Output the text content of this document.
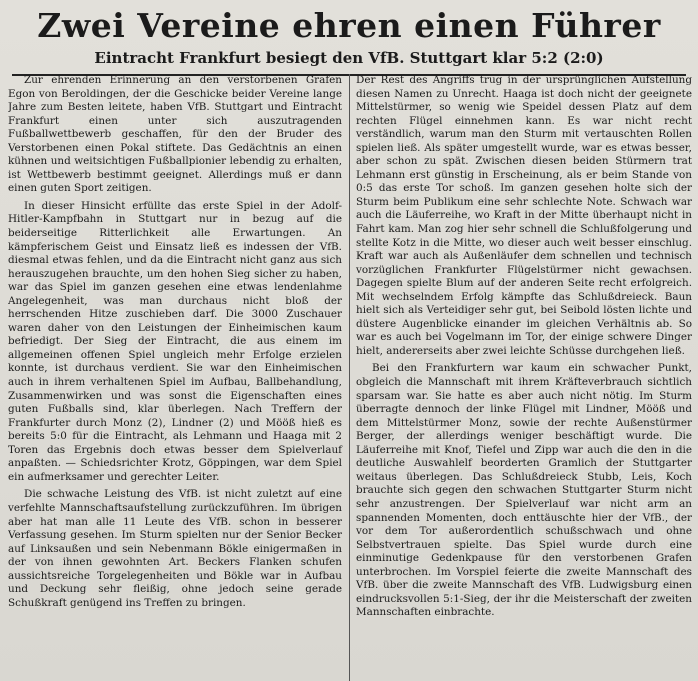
Zwei Vereine ehren einen Führer
Eintracht Frankfurt besiegt den VfB. Stuttgart klar 5:2 (2:0)

Zur ehrenden Erinnerung an den verstorbenen Grafen Egon von Beroldingen, der die Geschicke beider Vereine lange Jahre zum Besten leitete, haben VfB. Stuttgart und Eintracht Frankfurt einen unter sich auszutragenden Fußballwettbewerb geschaffen, für den der Bruder des Verstorbenen einen Pokal stiftete. Das Gedächtnis an einen kühnen und weitsichtigen Fußballpionier lebendig zu erhalten, ist Wettbewerb bestimmt geeignet. Allerdings muß er dann einen guten Sport zeitigen.

In dieser Hinsicht erfüllte das erste Spiel in der Adolf-Hitler-Kampfbahn in Stuttgart nur in bezug auf die beiderseitige Ritterlichkeit alle Erwartungen. An kämpferischem Geist und Einsatz ließ es indessen der VfB. diesmal etwas fehlen, und da die Eintracht nicht ganz aus sich herauszugehen brauchte, um den hohen Sieg sicher zu haben, war das Spiel im ganzen gesehen eine etwas lendenlahme Angelegenheit, was man durchaus nicht bloß der herrschenden Hitze zuschieben darf. Die 3000 Zuschauer waren daher von den Leistungen der Einheimischen kaum befriedigt. Der Sieg der Eintracht, die aus einem im allgemeinen offenen Spiel ungleich mehr Erfolge erzielen konnte, ist durchaus verdient. Sie war den Einheimischen auch in ihrem verhaltenen Spiel im Aufbau, Ballbehandlung, Zusammenwirken und was sonst die Eigenschaften eines guten Fußballs sind, klar überlegen. Nach Treffern der Frankfurter durch Monz (2), Lindner (2) und Mööß hieß es bereits 5:0 für die Eintracht, als Lehmann und Haaga mit 2 Toren das Ergebnis doch etwas besser dem Spielverlauf anpaßten. — Schiedsrichter Krotz, Göppingen, war dem Spiel ein aufmerksamer und gerechter Leiter.

Die schwache Leistung des VfB. ist nicht zuletzt auf eine verfehlte Mannschaftsaufstellung zurückzuführen. Im übrigen aber hat man alle 11 Leute des VfB. schon in besserer Verfassung gesehen. Im Sturm spielten nur der Senior Becker auf Linksaußen und sein Nebenmann Bökle einigermaßen in der von ihnen gewohnten Art. Beckers Flanken schufen aussichtsreiche Torgelegenheiten und Bökle war in Aufbau und Deckung sehr fleißig, ohne jedoch seine gerade Schußkraft genügend ins Treffen zu bringen.

Der Rest des Angriffs trug in der ursprünglichen Aufstellung diesen Namen zu Unrecht. Haaga ist doch nicht der geeignete Mittelstürmer, so wenig wie Speidel dessen Platz auf dem rechten Flügel einnehmen kann. Es war nicht recht verständlich, warum man den Sturm mit vertauschten Rollen spielen ließ. Als später umgestellt wurde, war es etwas besser, aber schon zu spät. Zwischen diesen beiden Stürmern trat Lehmann erst günstig in Erscheinung, als er beim Stande von 0:5 das erste Tor schoß. Im ganzen gesehen holte sich der Sturm beim Publikum eine sehr schlechte Note. Schwach war auch die Läuferreihe, wo Kraft in der Mitte überhaupt nicht in Fahrt kam. Man zog hier sehr schnell die Schlußfolgerung und stellte Kotz in die Mitte, wo dieser auch weit besser einschlug. Kraft war auch als Außenläufer dem schnellen und technisch vorzüglichen Frankfurter Flügelstürmer nicht gewachsen. Dagegen spielte Blum auf der anderen Seite recht erfolgreich. Mit wechselndem Erfolg kämpfte das Schlußdreieck. Baun hielt sich als Verteidiger sehr gut, bei Seibold lösten lichte und düstere Augenblicke einander im gleichen Verhältnis ab. So war es auch bei Vogelmann im Tor, der einige schwere Dinger hielt, andererseits aber zwei leichte Schüsse durchgehen ließ.

Bei den Frankfurtern war kaum ein schwacher Punkt, obgleich die Mannschaft mit ihrem Kräfteverbrauch sichtlich sparsam war. Sie hatte es aber auch nicht nötig. Im Sturm überragte dennoch der linke Flügel mit Lindner, Mööß und dem Mittelstürmer Monz, sowie der rechte Außenstürmer Berger, der allerdings weniger beschäftigt wurde. Die Läuferreihe mit Knof, Tiefel und Zipp war auch die den in die deutliche Auswahlelf beorderten Gramlich der Stuttgarter weitaus überlegen. Das Schlußdreieck Stubb, Leis, Koch brauchte sich gegen den schwachen Stuttgarter Sturm nicht sehr anzustrengen. Der Spielverlauf war nicht arm an spannenden Momenten, doch enttäuschte hier der VfB., der vor dem Tor außerordentlich schußschwach und ohne Selbstvertrauen spielte. Das Spiel wurde durch eine einminutige Gedenkpause für den verstorbenen Grafen unterbrochen. Im Vorspiel feierte die zweite Mannschaft des VfB. über die zweite Mannschaft des VfB. Ludwigsburg einen eindrucksvollen 5:1-Sieg, der ihr die Meisterschaft der zweiten Mannschaften einbrachte.
